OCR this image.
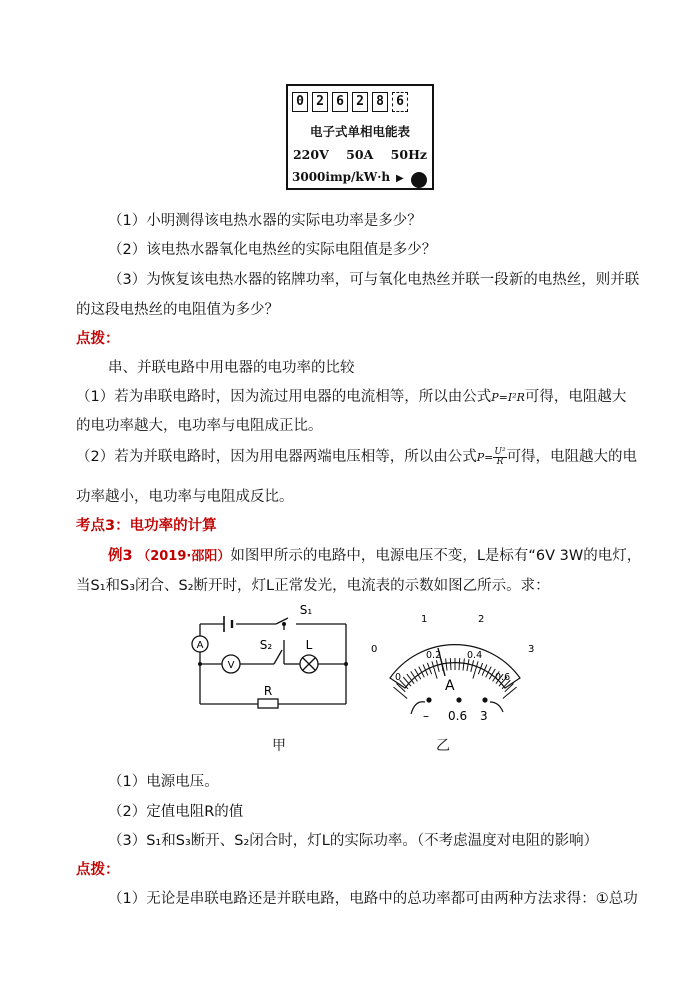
0 2 6 2 8 6
电子式单相电能表
220V    50A    50Hz
3000imp/kW·h ▶
（1）小明测得该电热水器的实际电功率是多少？
（2）该电热水器氧化电热丝的实际电阻值是多少？
（3）为恢复该电热水器的铭牌功率，可与氧化电热丝并联一段新的电热丝，则并联
的这段电热丝的电阻值为多少？
点拨：
串、并联电路中用电器的电功率的比较
（1）若为串联电路时，因为流过用电器的电流相等，所以由公式P=I²R可得，电阻越大
的电功率越大，电功率与电阻成正比。
（2）若为并联电路时，因为用电器两端电压相等，所以由公式$P= \frac{\text{U²}}{R}$ 可得，电阻越大的电
功率越小，电功率与电阻成反比。
考点3：电功率的计算
例3 （2019·邵阳）如图甲所示的电路中，电源电压不变，L是标有“6V 3W的电灯，
当S₁和S₃闭合、S₂断开时，灯L正常发光，电流表的示数如图乙所示。求：
A
V
S₁
S₂	L
R
甲
0
1	2
3
0
0.2	0.4
0.6
A
– 0.6 3
乙
（1）电源电压。
（2）定值电阻R的值
（3）S₁和S₃断开、S₂闭合时，灯L的实际功率。（不考虑温度对电阻的影响）
点拨：
（1）无论是串联电路还是并联电路，电路中的总功率都可由两种方法求得：①总功
